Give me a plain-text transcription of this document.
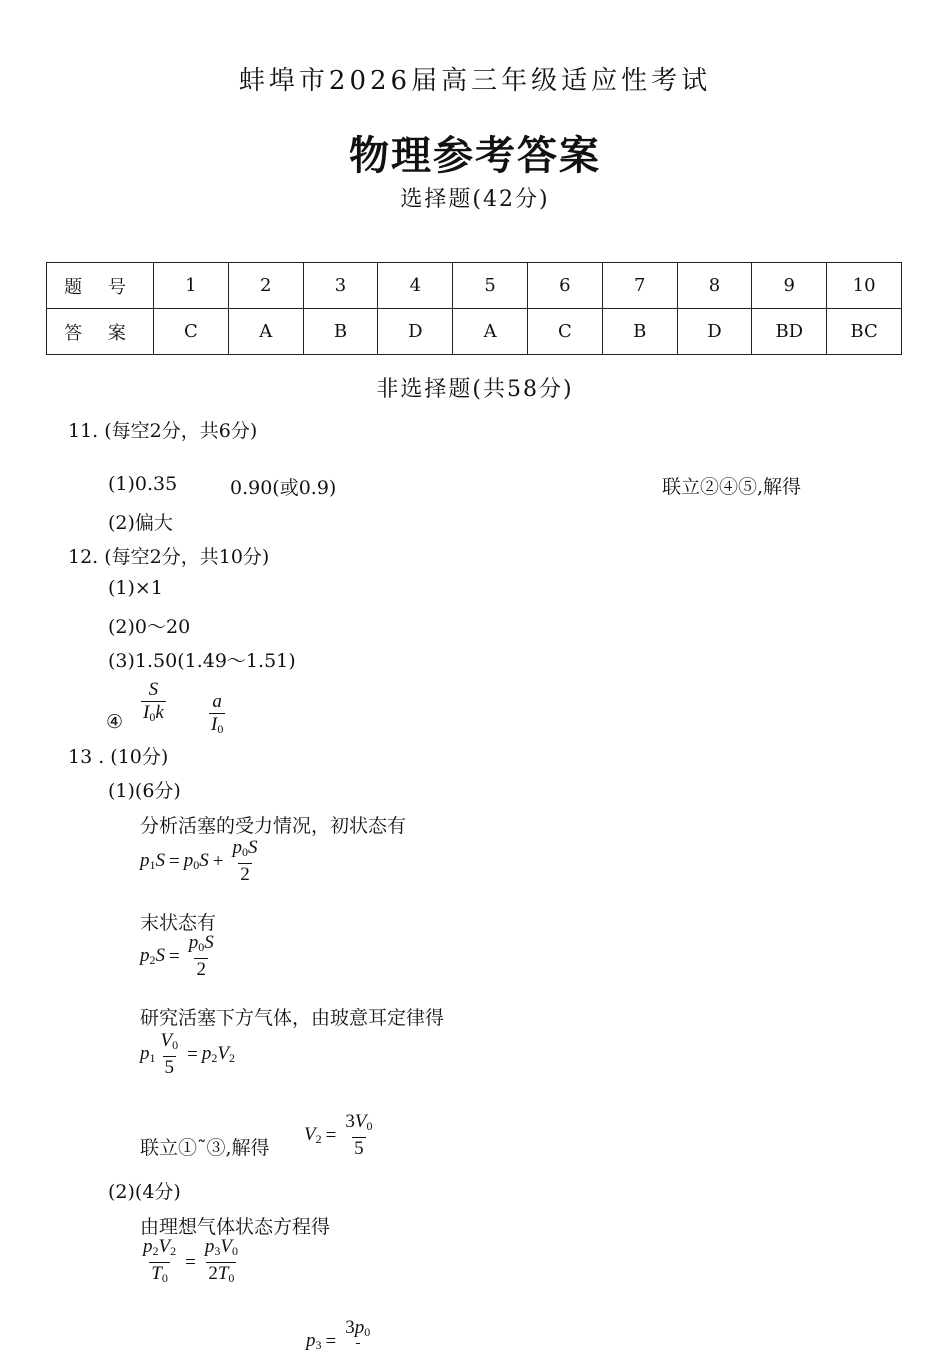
蚌埠市2026届高三年级适应性考试
物理参考答案
选择题(42分)
题 号	1	2	3	4	5	6	7	8	9	10
答 案	C	A	B	D	A	C	B	D	BD	BC
非选择题(共58分)
11. (每空2分，共6分)
(1)0.35	0.90(或0.9)	联立②④⑤,解得
(2)偏大
12. (每空2分，共10分)
(1)×1
(2)0～20
(3)1.50(1.49～1.51)
④ $\frac{S}{I_0k} \frac{a}{I_0}$
13 . (10分)
(1)(6分)
分析活塞的受力情况，初状态有
$p_1S = p_0S + \frac{p_0S}{2}$
末状态有
$p_2S = \frac{p_0S}{2}$
研究活塞下方气体，由玻意耳定律得
$p_1 \frac{V_0}{5} = p_2V_2$
联立①˜③,解得
$V_2 = \frac{3V_0}{5}$
(2)(4分)
由理想气体状态方程得
$\frac{p_2V_2}{T_0} = \frac{p_3V_0}{2T_0}$
$p_3$ =
$3p_0$
